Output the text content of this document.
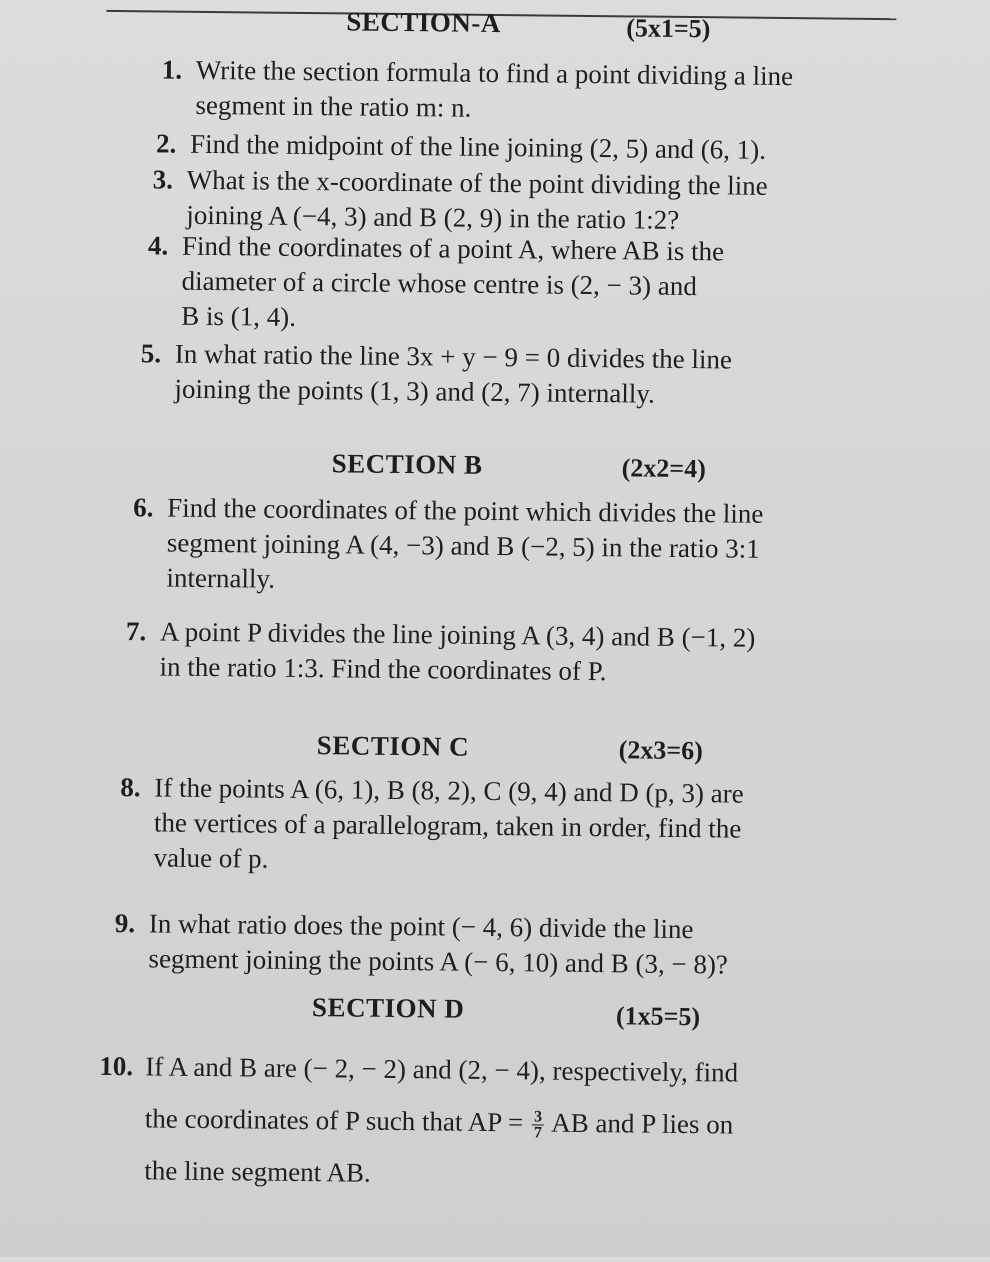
SECTION-A	(5x1=5)
1. Write the section formula to find a point dividing a line
segment in the ratio m: n.
2. Find the midpoint of the line joining (2, 5) and (6, 1).
3. What is the x-coordinate of the point dividing the line
joining A (−4, 3) and B (2, 9) in the ratio 1:2?
4. Find the coordinates of a point A, where AB is the
diameter of a circle whose centre is (2, − 3) and
B is (1, 4).
5. In what ratio the line 3x + y − 9 = 0 divides the line
joining the points (1, 3) and (2, 7) internally.
SECTION B	(2x2=4)
6. Find the coordinates of the point which divides the line
segment joining A (4, −3) and B (−2, 5) in the ratio 3:1
internally.
7. A point P divides the line joining A (3, 4) and B (−1, 2)
in the ratio 1:3. Find the coordinates of P.
SECTION C	(2x3=6)
8. If the points A (6, 1), B (8, 2), C (9, 4) and D (p, 3) are
the vertices of a parallelogram, taken in order, find the
value of p.
9. In what ratio does the point (− 4, 6) divide the line
segment joining the points A (− 6, 10) and B (3, − 8)?
SECTION D	(1x5=5)
10. If A and B are (− 2, − 2) and (2, − 4), respectively, find
the coordinates of P such that AP = $\frac{3}{7}$ AB and P lies on
the line segment AB.
